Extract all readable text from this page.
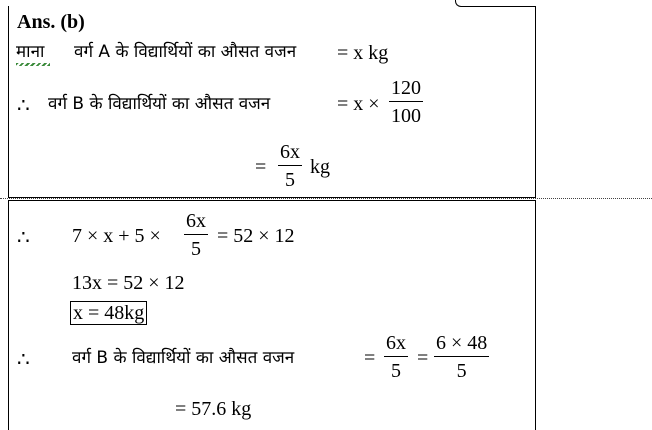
Ans. (b)
माना वर्ग A के विद्यार्थियों का औसत वजन = x kg
∴ वर्ग B के विद्यार्थियों का औसत वजन	= $x \times \frac{120}{100}$
= $\frac{6x}{5}$ kg
∴ $7 \times x + 5 \times \frac{6x}{5} = 52 \times 12$
13x = 52 × 12
x = 48kg
∴ वर्ग B के विद्यार्थियों का औसत वजन	= $\frac{6x}{5} = \frac{6 \times 48}{5}$
= 57.6 kg
